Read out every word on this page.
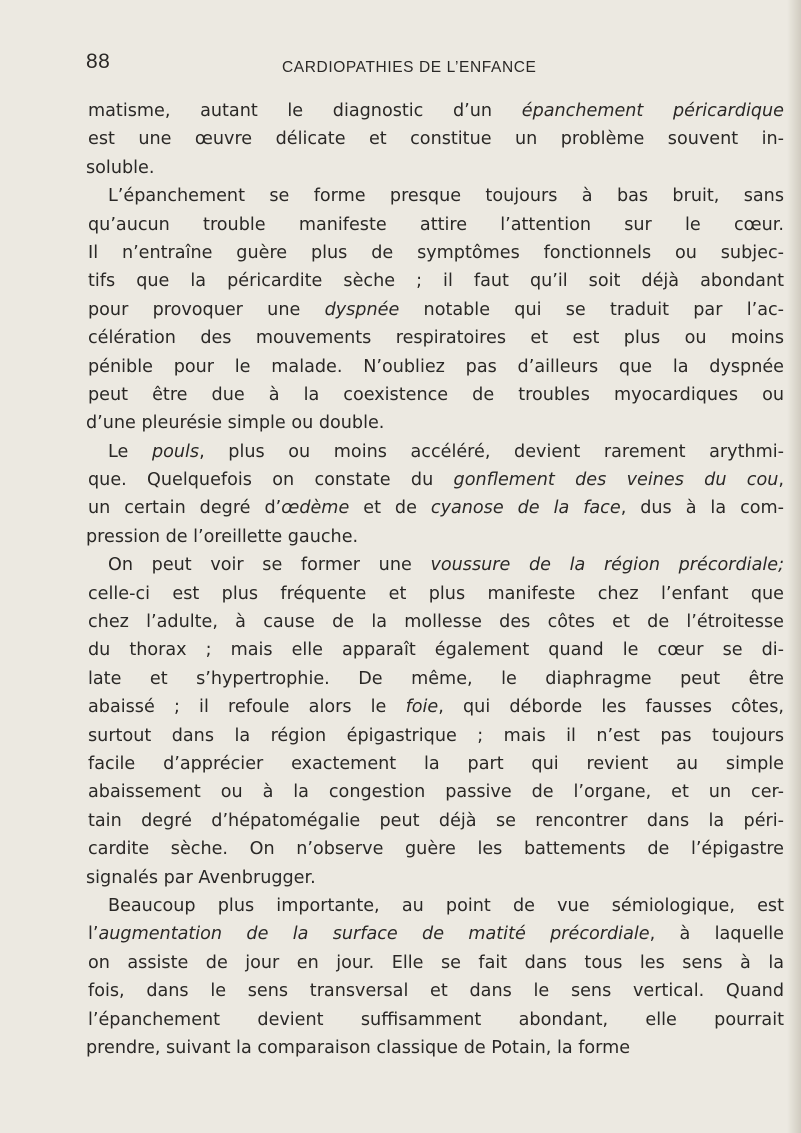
88	CARDIOPATHIES DE L’ENFANCE
matisme, autant le diagnostic d’un épanchement péricardique
est une œuvre délicate et constitue un problème souvent in-
soluble.
L’épanchement se forme presque toujours à bas bruit, sans
qu’aucun trouble manifeste attire l’attention sur le cœur.
Il n’entraîne guère plus de symptômes fonctionnels ou subjec-
tifs que la péricardite sèche ; il faut qu’il soit déjà abondant
pour provoquer une dyspnée notable qui se traduit par l’ac-
célération des mouvements respiratoires et est plus ou moins
pénible pour le malade. N’oubliez pas d’ailleurs que la dyspnée
peut être due à la coexistence de troubles myocardiques ou
d’une pleurésie simple ou double.
Le pouls, plus ou moins accéléré, devient rarement arythmi-
que. Quelquefois on constate du gonflement des veines du cou,
un certain degré d’œdème et de cyanose de la face, dus à la com-
pression de l’oreillette gauche.
On peut voir se former une voussure de la région précordiale;
celle-ci est plus fréquente et plus manifeste chez l’enfant que
chez l’adulte, à cause de la mollesse des côtes et de l’étroitesse
du thorax ; mais elle apparaît également quand le cœur se di-
late et s’hypertrophie. De même, le diaphragme peut être
abaissé ; il refoule alors le foie, qui déborde les fausses côtes,
surtout dans la région épigastrique ; mais il n’est pas toujours
facile d’apprécier exactement la part qui revient au simple
abaissement ou à la congestion passive de l’organe, et un cer-
tain degré d’hépatomégalie peut déjà se rencontrer dans la péri-
cardite sèche. On n’observe guère les battements de l’épigastre
signalés par Avenbrugger.
Beaucoup plus importante, au point de vue sémiologique, est
l’augmentation de la surface de matité précordiale, à laquelle
on assiste de jour en jour. Elle se fait dans tous les sens à la
fois, dans le sens transversal et dans le sens vertical. Quand
l’épanchement devient suffisamment abondant, elle pourrait
prendre, suivant la comparaison classique de Potain, la forme
